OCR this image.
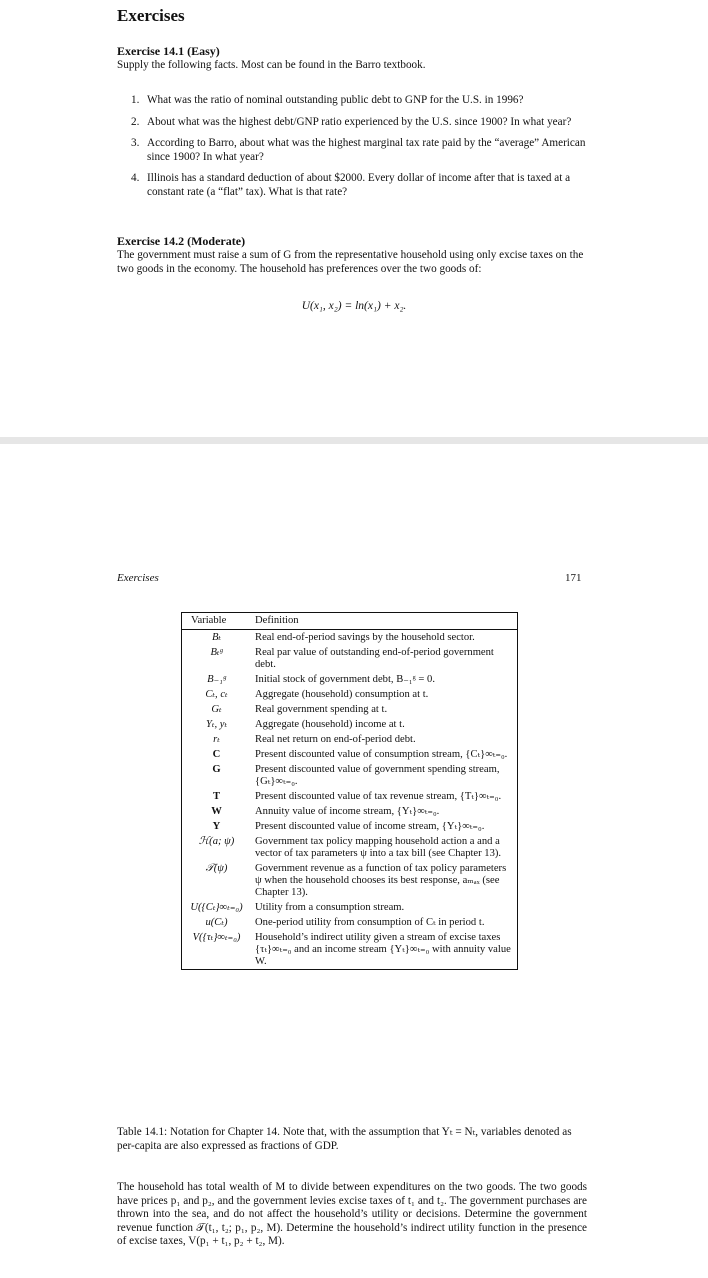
Exercises

Exercise 14.1 (Easy)

Supply the following facts. Most can be found in the Barro textbook.

1. What was the ratio of nominal outstanding public debt to GNP for the U.S. in 1996?
2. About what was the highest debt/GNP ratio experienced by the U.S. since 1900? In what year?
3. According to Barro, about what was the highest marginal tax rate paid by the “average” American since 1900? In what year?
4. Illinois has a standard deduction of about $2000. Every dollar of income after that is taxed at a constant rate (a “flat” tax). What is that rate?

Exercise 14.2 (Moderate)

The government must raise a sum of G from the representative household using only excise taxes on the two goods in the economy. The household has preferences over the two goods of:

U(x₁, x₂) = ln(x₁) + x₂.
Exercises	171
Variable	Definition
Bₜ	Real end-of-period savings by the household sector.
Bₜᵍ	Real par value of outstanding end-of-period government debt.
B₋₁ᵍ	Initial stock of government debt, B₋₁ᵍ = 0.
Cₜ, cₜ	Aggregate (household) consumption at t.
Gₜ	Real government spending at t.
Yₜ, yₜ	Aggregate (household) income at t.
rₜ	Real net return on end-of-period debt.
C	Present discounted value of consumption stream, {Cₜ}∞ₜ₌₀.
G	Present discounted value of government spending stream, {Gₜ}∞ₜ₌₀.
T	Present discounted value of tax revenue stream, {Tₜ}∞ₜ₌₀.
W	Annuity value of income stream, {Yₜ}∞ₜ₌₀.
Y	Present discounted value of income stream, {Yₜ}∞ₜ₌₀.
ℋ(a; ψ)	Government tax policy mapping household action a and a vector of tax parameters ψ into a tax bill (see Chapter 13).
𝒯(ψ)	Government revenue as a function of tax policy parameters ψ when the household chooses its best response, aₘₐₓ (see Chapter 13).
U({Cₜ}∞ₜ₌₀)	Utility from a consumption stream.
u(Cₜ)	One-period utility from consumption of Cₜ in period t.
V({τₜ}∞ₜ₌₀)	Household’s indirect utility given a stream of excise taxes {τₜ}∞ₜ₌₀ and an income stream {Yₜ}∞ₜ₌₀ with annuity value W.

Table 14.1: Notation for Chapter 14. Note that, with the assumption that Yₜ = Nₜ, variables denoted as per-capita are also expressed as fractions of GDP.

The household has total wealth of M to divide between expenditures on the two goods. The two goods have prices p₁ and p₂, and the government levies excise taxes of t₁ and t₂. The government purchases are thrown into the sea, and do not affect the household’s utility or decisions. Determine the government revenue function 𝒯(t₁, t₂; p₁, p₂, M). Determine the household’s indirect utility function in the presence of excise taxes, V(p₁ + t₁, p₂ + t₂, M).
